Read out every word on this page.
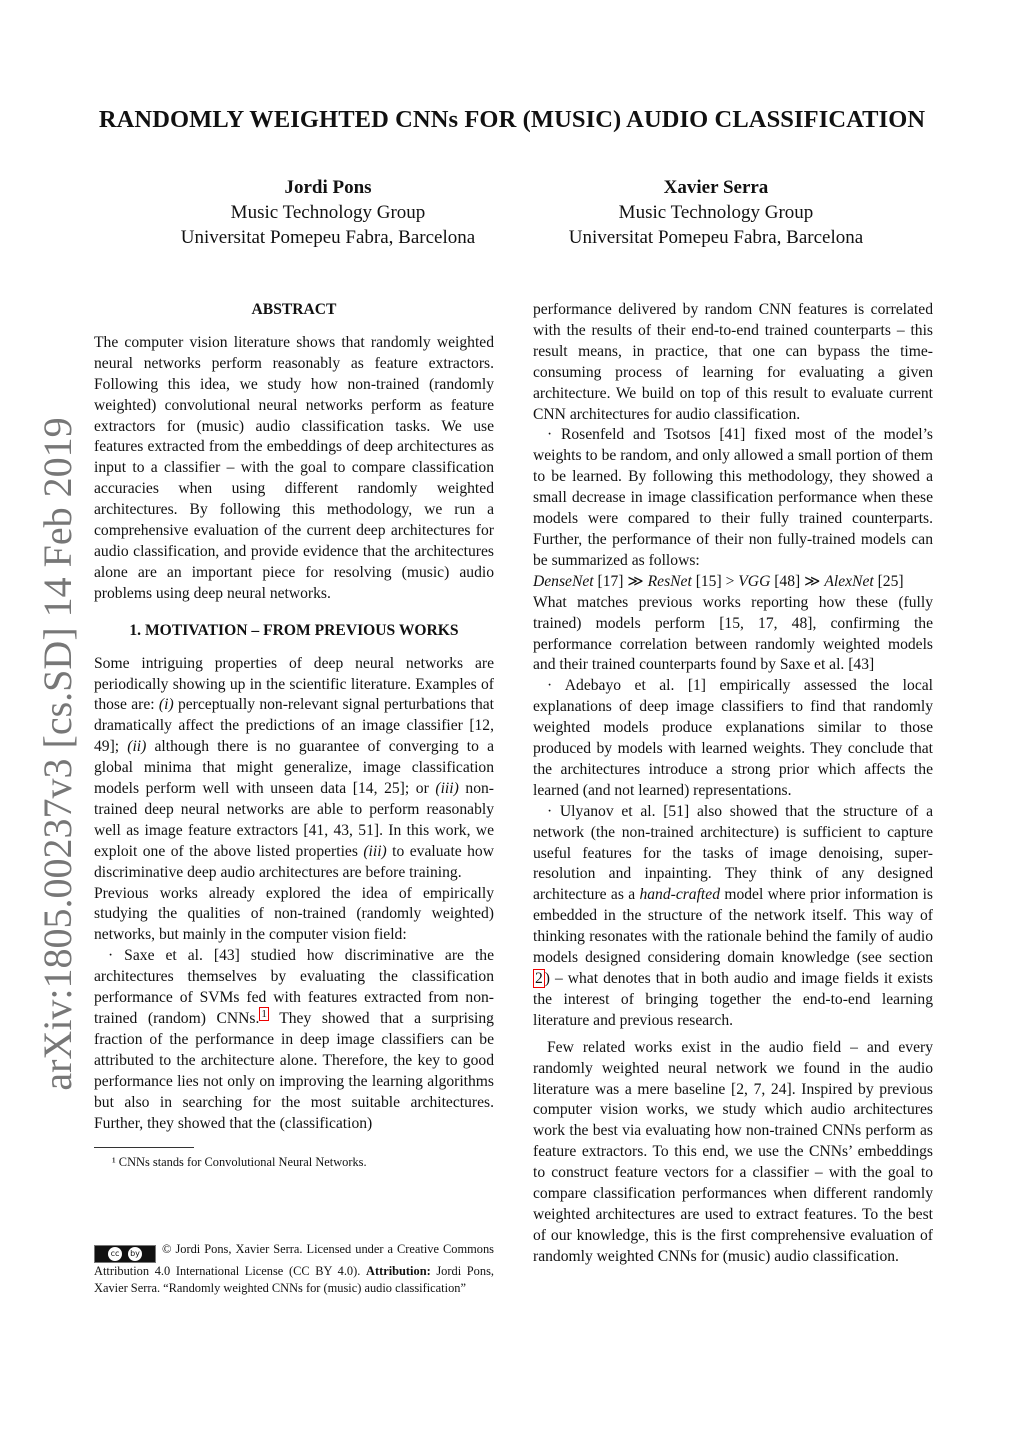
RANDOMLY WEIGHTED CNNs FOR (MUSIC) AUDIO CLASSIFICATION
Jordi Pons
Music Technology Group
Universitat Pomepeu Fabra, Barcelona
Xavier Serra
Music Technology Group
Universitat Pomepeu Fabra, Barcelona
arXiv:1805.00237v3 [cs.SD] 14 Feb 2019
ABSTRACT

The computer vision literature shows that randomly weighted neural networks perform reasonably as feature extractors. Following this idea, we study how non-trained (randomly weighted) convolutional neural networks perform as feature extractors for (music) audio classification tasks. We use features extracted from the embeddings of deep architectures as input to a classifier – with the goal to compare classification accuracies when using different randomly weighted architectures. By following this methodology, we run a comprehensive evaluation of the current deep architectures for audio classification, and provide evidence that the architectures alone are an important piece for resolving (music) audio problems using deep neural networks.

1. MOTIVATION – FROM PREVIOUS WORKS

Some intriguing properties of deep neural networks are periodically showing up in the scientific literature. Examples of those are: (i) perceptually non-relevant signal perturbations that dramatically affect the predictions of an image classifier [12, 49]; (ii) although there is no guarantee of converging to a global minima that might generalize, image classification models perform well with unseen data [14, 25]; or (iii) non-trained deep neural networks are able to perform reasonably well as image feature extractors [41, 43, 51]. In this work, we exploit one of the above listed properties (iii) to evaluate how discriminative deep audio architectures are before training.

Previous works already explored the idea of empirically studying the qualities of non-trained (randomly weighted) networks, but mainly in the computer vision field:

· Saxe et al. [43] studied how discriminative are the architectures themselves by evaluating the classification performance of SVMs fed with features extracted from non-trained (random) CNNs. $^1$ They showed that a surprising fraction of the performance in deep image classifiers can be attributed to the architecture alone. Therefore, the key to good performance lies not only on improving the learning algorithms but also in searching for the most suitable architectures. Further, they showed that the (classification)

¹ CNNs stands for Convolutional Neural Networks.
cc by © Jordi Pons, Xavier Serra. Licensed under a Creative Commons Attribution 4.0 International License (CC BY 4.0). Attribution: Jordi Pons, Xavier Serra. “Randomly weighted CNNs for (music) audio classification”

performance delivered by random CNN features is correlated with the results of their end-to-end trained counterparts – this result means, in practice, that one can bypass the time-consuming process of learning for evaluating a given architecture. We build on top of this result to evaluate current CNN architectures for audio classification.

· Rosenfeld and Tsotsos [41] fixed most of the model’s weights to be random, and only allowed a small portion of them to be learned. By following this methodology, they showed a small decrease in image classification performance when these models were compared to their fully trained counterparts. Further, the performance of their non fully-trained models can be summarized as follows:

DenseNet [17] ≫ ResNet [15] > VGG [48] ≫ AlexNet [25]

What matches previous works reporting how these (fully trained) models perform [15, 17, 48], confirming the performance correlation between randomly weighted models and their trained counterparts found by Saxe et al. [43]

· Adebayo et al. [1] empirically assessed the local explanations of deep image classifiers to find that randomly weighted models produce explanations similar to those produced by models with learned weights. They conclude that the architectures introduce a strong prior which affects the learned (and not learned) representations.

· Ulyanov et al. [51] also showed that the structure of a network (the non-trained architecture) is sufficient to capture useful features for the tasks of image denoising, super-resolution and inpainting. They think of any designed architecture as a hand-crafted model where prior information is embedded in the structure of the network itself. This way of thinking resonates with the rationale behind the family of audio models designed considering domain knowledge (see section 2 ) – what denotes that in both audio and image fields it exists the interest of bringing together the end-to-end learning literature and previous research.

Few related works exist in the audio field – and every randomly weighted neural network we found in the audio literature was a mere baseline [2, 7, 24]. Inspired by previous computer vision works, we study which audio architectures work the best via evaluating how non-trained CNNs perform as feature extractors. To this end, we use the CNNs’ embeddings to construct feature vectors for a classifier – with the goal to compare classification performances when different randomly weighted architectures are used to extract features. To the best of our knowledge, this is the first comprehensive evaluation of randomly weighted CNNs for (music) audio classification.
